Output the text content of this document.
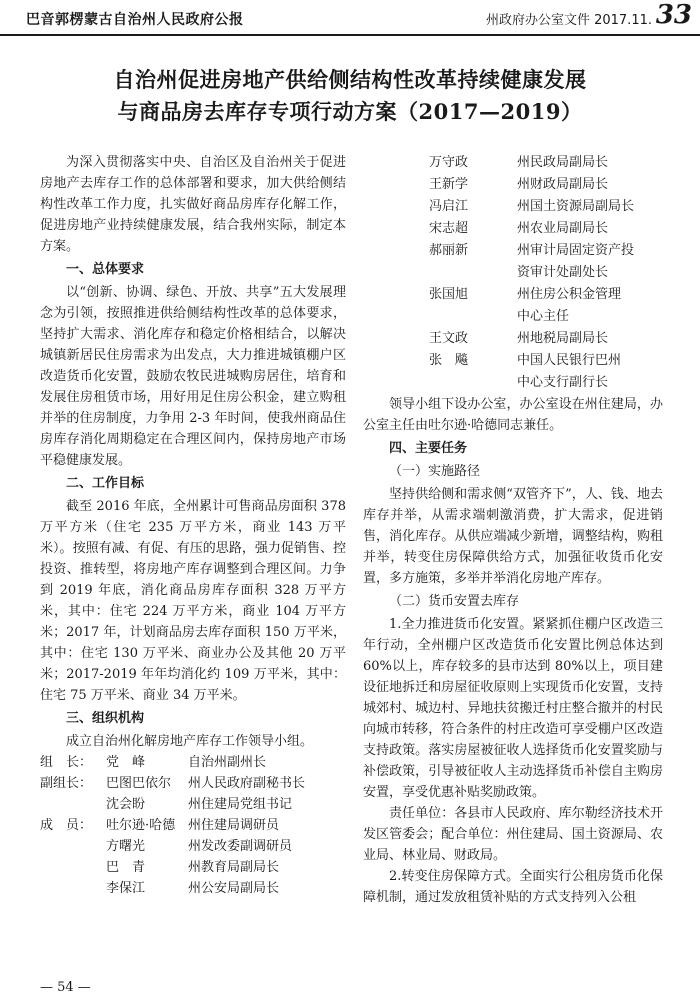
巴音郭楞蒙古自治州人民政府公报	州政府办公室文件 2017.11. 33
自治州促进房地产供给侧结构性改革持续健康发展
与商品房去库存专项行动方案（2017—2019）

为深入贯彻落实中央、自治区及自治州关于促进房地产去库存工作的总体部署和要求，加大供给侧结构性改革工作力度，扎实做好商品房库存化解工作，促进房地产业持续健康发展，结合我州实际，制定本方案。

一、总体要求

以“创新、协调、绿色、开放、共享”五大发展理念为引领，按照推进供给侧结构性改革的总体要求，坚持扩大需求、消化库存和稳定价格相结合，以解决城镇新居民住房需求为出发点，大力推进城镇棚户区改造货币化安置，鼓励农牧民进城购房居住，培育和发展住房租赁市场，用好用足住房公积金，建立购租并举的住房制度，力争用 2-3 年时间，使我州商品住房库存消化周期稳定在合理区间内，保持房地产市场平稳健康发展。

二、工作目标

截至 2016 年底，全州累计可售商品房面积 378 万平方米（住宅 235 万平方米，商业 143 万平米）。按照有减、有促、有压的思路，强力促销售、控投资、推转型，将房地产库存调整到合理区间。力争到 2019 年底，消化商品房库存面积 328 万平方米，其中：住宅 224 万平方米，商业 104 万平方米；2017 年，计划商品房去库存面积 150 万平米，其中：住宅 130 万平米、商业办公及其他 20 万平米；2017-2019 年年均消化约 109 万平米，其中：住宅 75 万平米、商业 34 万平米。

三、组织机构

成立自治州化解房地产库存工作领导小组。

组　长：	党　峰	自治州副州长
副组长：	巴图巴依尔	州人民政府副秘书长
沈会盼	州住建局党组书记
成　员：	吐尔逊·哈德 州住建局调研员
方曙光	州发改委副调研员
巴　青	州教育局副局长
李保江	州公安局副局长
万守政	州民政局副局长
王新学	州财政局副局长
冯启江	州国土资源局副局长
宋志超	州农业局副局长
郝丽新	州审计局固定资产投
资审计处副处长
张国旭	州住房公积金管理
中心主任
王文政	州地税局副局长
张　飚	中国人民银行巴州
中心支行副行长

领导小组下设办公室，办公室设在州住建局，办公室主任由吐尔逊·哈德同志兼任。

四、主要任务

（一）实施路径

坚持供给侧和需求侧“双管齐下”，人、钱、地去库存并举，从需求端刺激消费，扩大需求，促进销售，消化库存。从供应端减少新增，调整结构，购租并举，转变住房保障供给方式，加强征收货币化安置，多方施策，多举并举消化房地产库存。

（二）货币安置去库存

1.全力推进货币化安置。紧紧抓住棚户区改造三年行动，全州棚户区改造货币化安置比例总体达到 60%以上，库存较多的县市达到 80%以上，项目建设征地拆迁和房屋征收原则上实现货币化安置，支持城郊村、城边村、异地扶贫搬迁村庄整合撤并的村民向城市转移，符合条件的村庄改造可享受棚户区改造支持政策。落实房屋被征收人选择货币化安置奖励与补偿政策，引导被征收人主动选择货币补偿自主购房安置，享受优惠补贴奖励政策。

责任单位：各县市人民政府、库尔勒经济技术开发区管委会；配合单位：州住建局、国土资源局、农业局、林业局、财政局。

2.转变住房保障方式。全面实行公租房货币化保障机制，通过发放租赁补贴的方式支持列入公租

— 54 —
